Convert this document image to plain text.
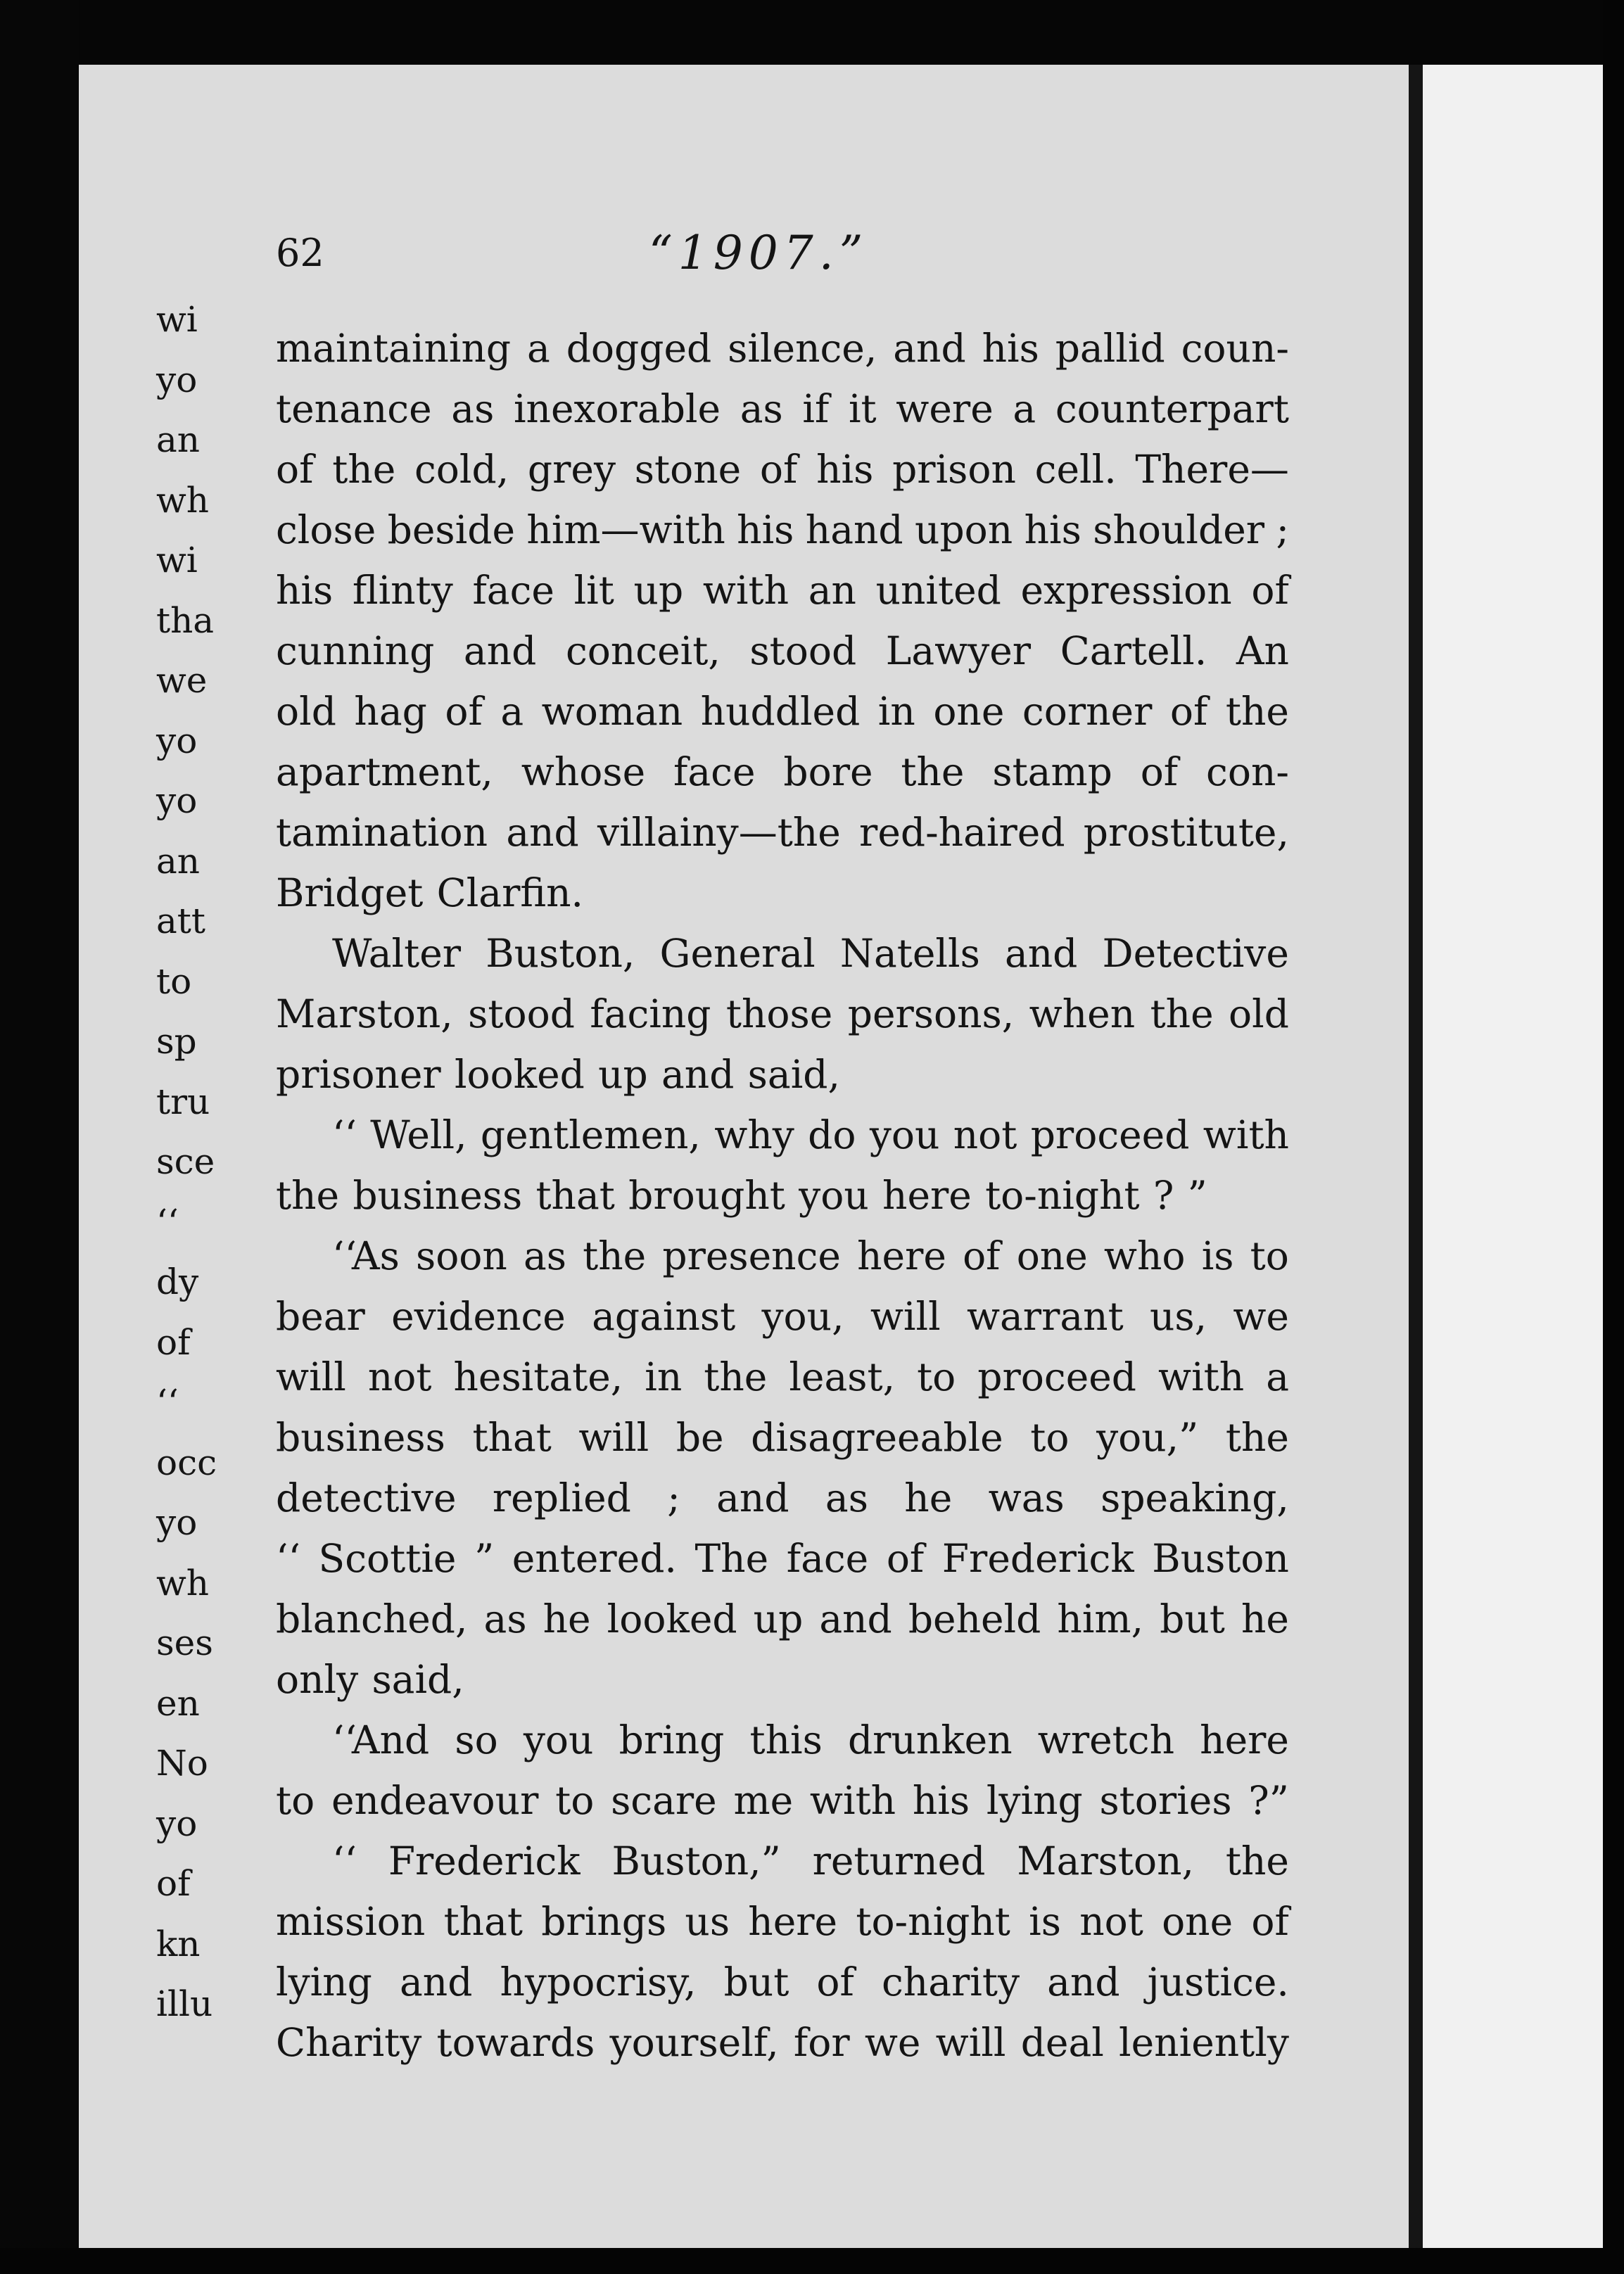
62	“1907.”
maintaining a dogged silence, and his pallid coun-
tenance as inexorable as if it were a counterpart
of the cold, grey stone of his prison cell. There—
close beside him—with his hand upon his shoulder ;
his flinty face lit up with an united expression of
cunning and conceit, stood Lawyer Cartell. An
old hag of a woman huddled in one corner of the
apartment, whose face bore the stamp of con-
tamination and villainy—the red-haired prostitute,
Bridget Clarfin.
Walter Buston, General Natells and Detective
Marston, stood facing those persons, when the old
prisoner looked up and said,
‘‘ Well, gentlemen, why do you not proceed with
the business that brought you here to-night ? ”
‘‘As soon as the presence here of one who is to
bear evidence against you, will warrant us, we
will not hesitate, in the least, to proceed with a
business that will be disagreeable to you,” the
detective replied ; and as he was speaking,
‘‘ Scottie ” entered. The face of Frederick Buston
blanched, as he looked up and beheld him, but he
only said,
‘‘And so you bring this drunken wretch here
to endeavour to scare me with his lying stories ?”
‘‘ Frederick Buston,” returned Marston, the
mission that brings us here to-night is not one of
lying and hypocrisy, but of charity and justice.
Charity towards yourself, for we will deal leniently
wi
yo
an
wh
wi
tha
we
yo
yo
an
att
to
sp
tru
sce
‘‘
dy
of
‘‘
occ
yo
wh
ses
en
No
yo
of
kn
illu
